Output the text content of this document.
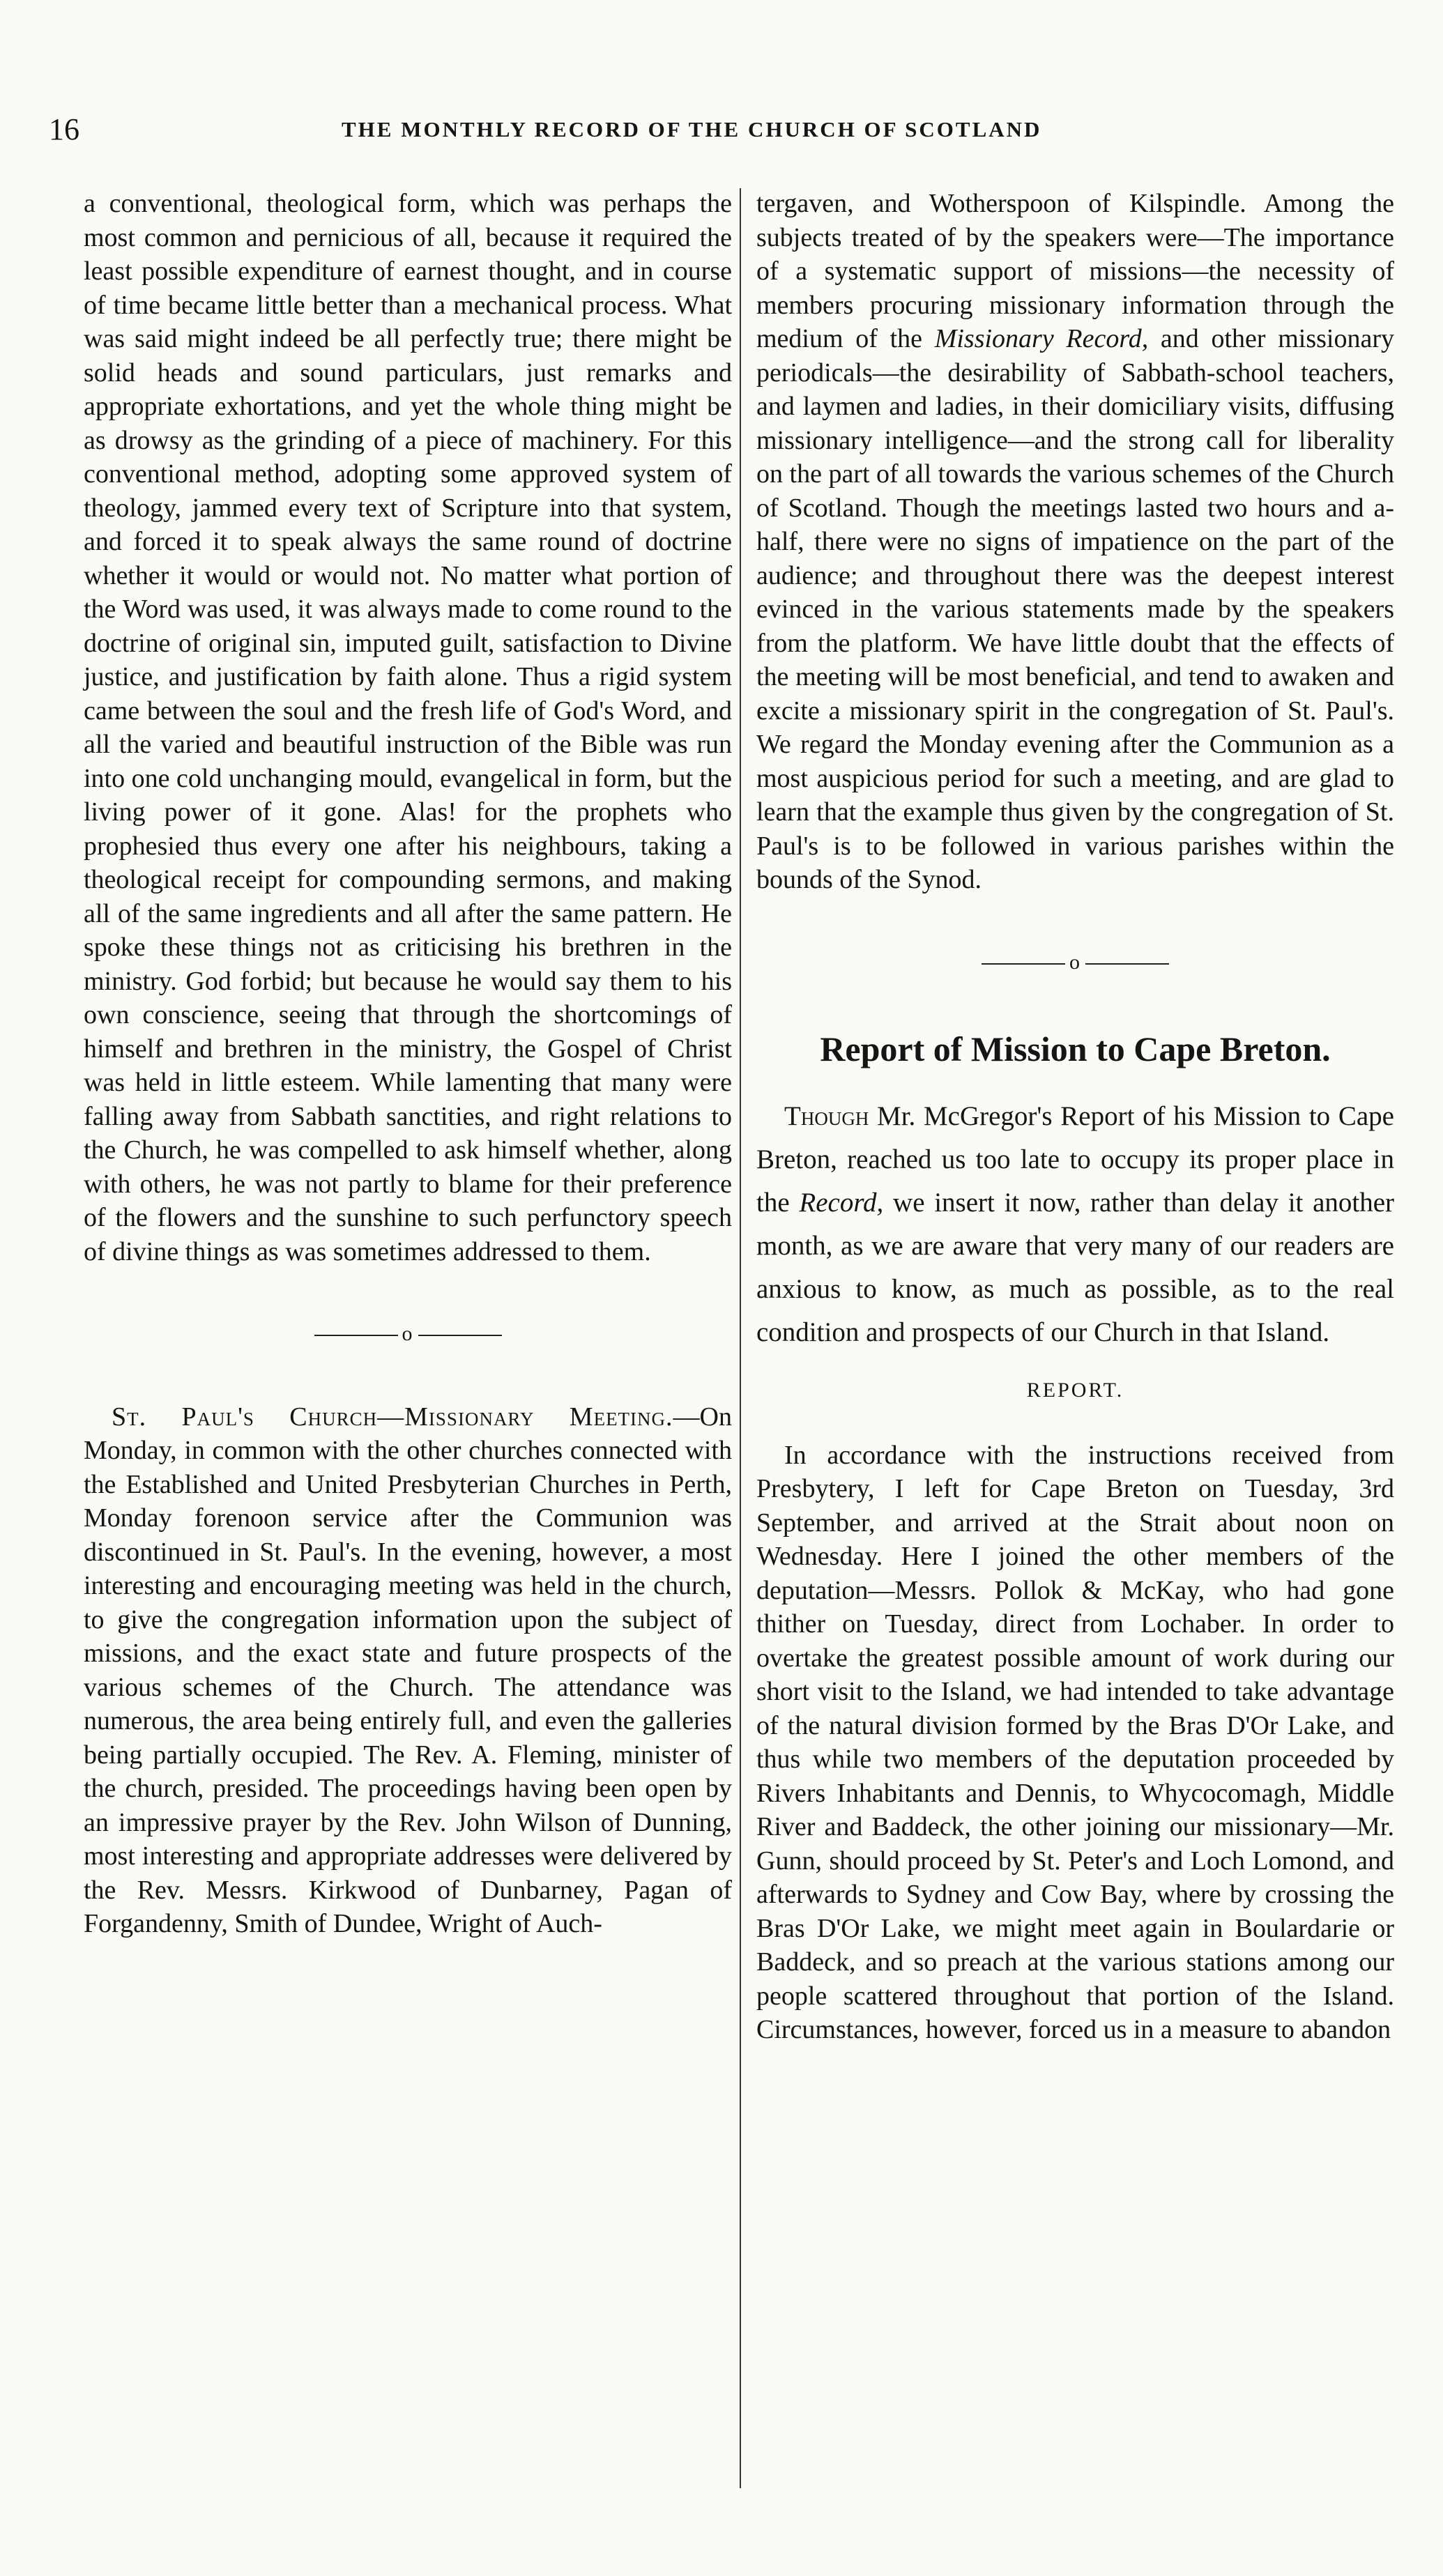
16	THE MONTHLY RECORD OF THE CHURCH OF SCOTLAND

a conventional, theological form, which was perhaps the most common and pernicious of all, because it required the least possible expenditure of earnest thought, and in course of time became little better than a mechanical process. What was said might indeed be all perfectly true; there might be solid heads and sound particulars, just remarks and appropriate exhortations, and yet the whole thing might be as drowsy as the grinding of a piece of machinery. For this conventional method, adopting some approved system of theology, jammed every text of Scripture into that system, and forced it to speak always the same round of doctrine whether it would or would not. No matter what portion of the Word was used, it was always made to come round to the doctrine of original sin, imputed guilt, satisfaction to Divine justice, and justification by faith alone. Thus a rigid system came between the soul and the fresh life of God's Word, and all the varied and beautiful instruction of the Bible was run into one cold unchanging mould, evangelical in form, but the living power of it gone. Alas! for the prophets who prophesied thus every one after his neighbours, taking a theological receipt for compounding sermons, and making all of the same ingredients and all after the same pattern. He spoke these things not as criticising his brethren in the ministry. God forbid; but because he would say them to his own conscience, seeing that through the shortcomings of himself and brethren in the ministry, the Gospel of Christ was held in little esteem. While lamenting that many were falling away from Sabbath sanctities, and right relations to the Church, he was compelled to ask himself whether, along with others, he was not partly to blame for their preference of the flowers and the sunshine to such perfunctory speech of divine things as was sometimes addressed to them.

o

St. Paul's Church—Missionary Meeting.—On Monday, in common with the other churches connected with the Established and United Presbyterian Churches in Perth, Monday forenoon service after the Communion was discontinued in St. Paul's. In the evening, however, a most interesting and encouraging meeting was held in the church, to give the congregation information upon the subject of missions, and the exact state and future prospects of the various schemes of the Church. The attendance was numerous, the area being entirely full, and even the galleries being partially occupied. The Rev. A. Fleming, minister of the church, presided. The proceedings having been open by an impressive prayer by the Rev. John Wilson of Dunning, most interesting and appropriate addresses were delivered by the Rev. Messrs. Kirkwood of Dunbarney, Pagan of Forgandenny, Smith of Dundee, Wright of Auch-

tergaven, and Wotherspoon of Kilspindle. Among the subjects treated of by the speakers were—The importance of a systematic support of missions—the necessity of members procuring missionary information through the medium of the Missionary Record, and other missionary periodicals—the desirability of Sabbath-school teachers, and laymen and ladies, in their domiciliary visits, diffusing missionary intelligence—and the strong call for liberality on the part of all towards the various schemes of the Church of Scotland. Though the meetings lasted two hours and a-half, there were no signs of impatience on the part of the audience; and throughout there was the deepest interest evinced in the various statements made by the speakers from the platform. We have little doubt that the effects of the meeting will be most beneficial, and tend to awaken and excite a missionary spirit in the congregation of St. Paul's. We regard the Monday evening after the Communion as a most auspicious period for such a meeting, and are glad to learn that the example thus given by the congregation of St. Paul's is to be followed in various parishes within the bounds of the Synod.

o
Report of Mission to Cape Breton.

Though Mr. McGregor's Report of his Mission to Cape Breton, reached us too late to occupy its proper place in the Record, we insert it now, rather than delay it another month, as we are aware that very many of our readers are anxious to know, as much as possible, as to the real condition and prospects of our Church in that Island.

REPORT.

In accordance with the instructions received from Presbytery, I left for Cape Breton on Tuesday, 3rd September, and arrived at the Strait about noon on Wednesday. Here I joined the other members of the deputation—Messrs. Pollok & McKay, who had gone thither on Tuesday, direct from Lochaber. In order to overtake the greatest possible amount of work during our short visit to the Island, we had intended to take advantage of the natural division formed by the Bras D'Or Lake, and thus while two members of the deputation proceeded by Rivers Inhabitants and Dennis, to Whycocomagh, Middle River and Baddeck, the other joining our missionary—Mr. Gunn, should proceed by St. Peter's and Loch Lomond, and afterwards to Sydney and Cow Bay, where by crossing the Bras D'Or Lake, we might meet again in Boulardarie or Baddeck, and so preach at the various stations among our people scattered throughout that portion of the Island. Circumstances, however, forced us in a measure to abandon
